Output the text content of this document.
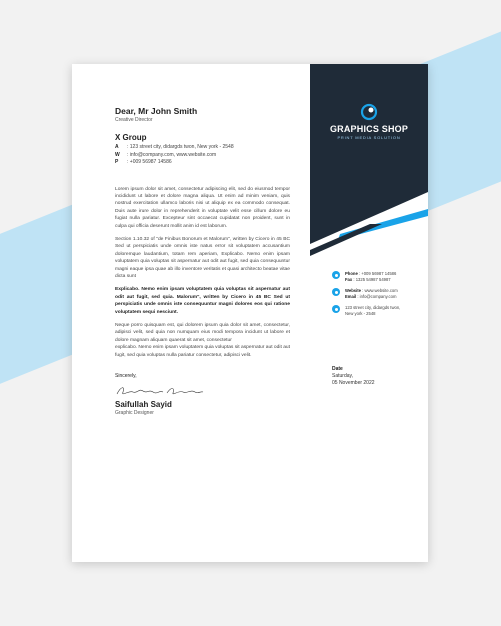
Dear, Mr John Smith
Creative Director
X Group
A : 123 street city, didargds twon, New york - 2548
W : info@company.com, www.website.com
P : +009 56987 14586

Lorem ipsum dolor sit amet, consectetur adipiscing elit, sed do eiusmod tempor incididunt ut labore et dolore magna aliqua. Ut enim ad minim veniam, quis nostrud exercitation ullamco laboris nisi ut aliquip ex ea commodo consequat. Duis aute irure dolor in reprehenderit in voluptate velit esse cillum dolore eu fugiat nulla pariatur. Excepteur sint occaecat cupidatat non proident, sunt in culpa qui officia deserunt mollit anim id est laborum.

Section 1.10.32 of "de Finibus Bonorum et Malorum", written by Cicero in 45 BC Sed ut perspiciatis unde omnis iste natus error sit voluptatem accusantium doloremque laudantium, totam rem aperiam, Explicabo. Nemo enim ipsam voluptatem quia voluptas sit aspernatur aut odit aut fugit, sed quia consequuntur magni eaque ipsa quae ab illo inventore veritatis et quasi architecto beatae vitae dicta sunt

Explicabo. Nemo enim ipsam voluptatem quia voluptas sit aspernatur aut odit aut fugit, sed quia. Malorum", written by Cicero in 45 BC Sed ut perspiciatis unde omnis iste consequuntur magni dolores eos qui ratione voluptatem sequi nesciunt.

Neque porro quisquam est, qui dolorem ipsum quia dolor sit amet, consectetur, adipisci velit, sed quia non numquam eius modi tempora incidunt ut labore et dolore magnam aliquam quaerat sit amet, consectetur

explicabo. Nemo enim ipsam voluptatem quia voluptas sit aspernatur aut odit aut fugit, sed quia voluptas nulla pariatur consectetur, adipisci velit.

Sincerely,
Saifullah Sayid
Graphic Designer
GRAPHICS SHOP
PRINT MEDIA SOLUTION
Phone : +009 56987 14586
Fax : 1325 54987 54987
Website : www.website.com
Email : info@company.com
123 street city, didargds twon,
New york - 2548
Date
Saturday,
05 November 2022
